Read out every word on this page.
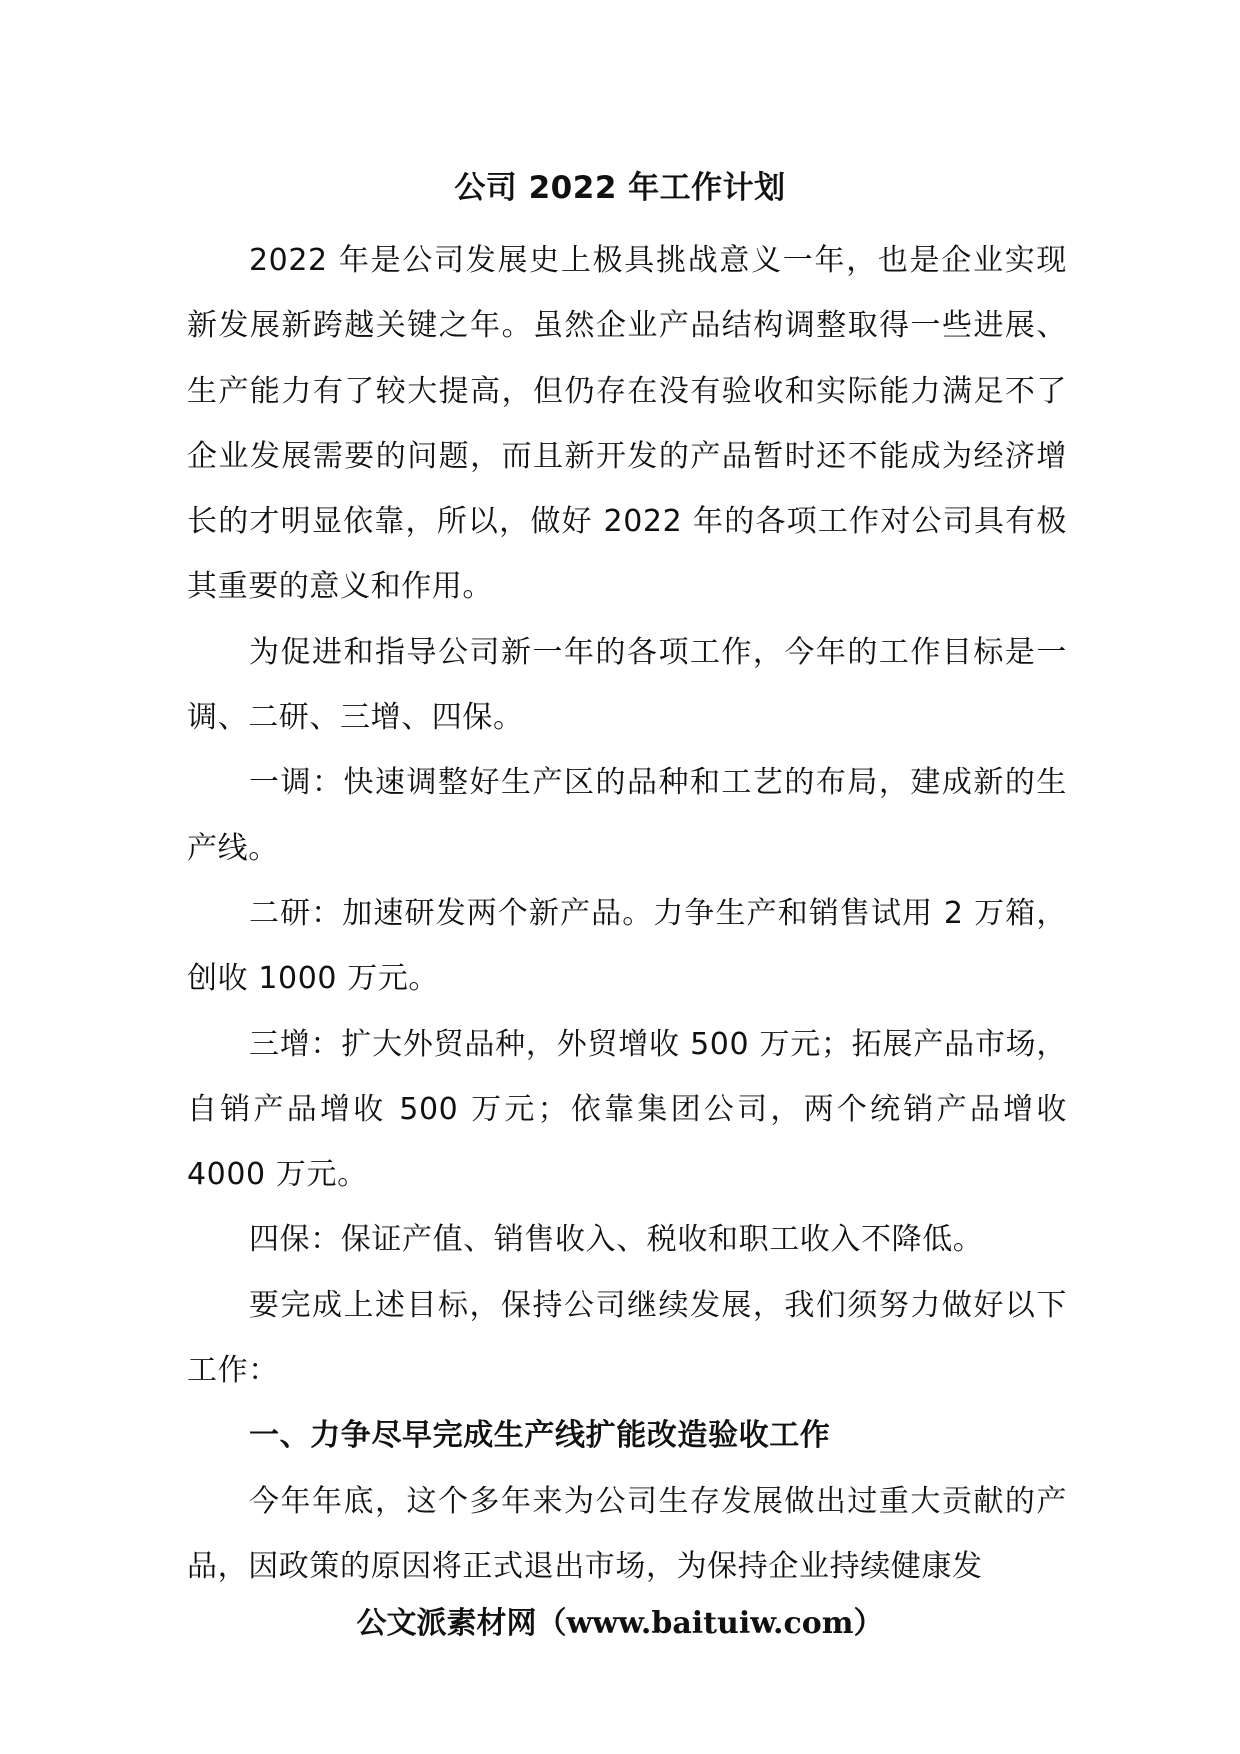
公司 2022 年工作计划

2022 年是公司发展史上极具挑战意义一年，也是企业实现新发展新跨越关键之年。虽然企业产品结构调整取得一些进展、生产能力有了较大提高，但仍存在没有验收和实际能力满足不了企业发展需要的问题，而且新开发的产品暂时还不能成为经济增长的才明显依靠，所以，做好 2022 年的各项工作对公司具有极其重要的意义和作用。

为促进和指导公司新一年的各项工作，今年的工作目标是一调、二研、三增、四保。

一调：快速调整好生产区的品种和工艺的布局，建成新的生产线。

二研：加速研发两个新产品。力争生产和销售试用 2 万箱，创收 1000 万元。

三增：扩大外贸品种，外贸增收 500 万元；拓展产品市场，自销产品增收 500 万元；依靠集团公司，两个统销产品增收 4000 万元。

四保：保证产值、销售收入、税收和职工收入不降低。

要完成上述目标，保持公司继续发展，我们须努力做好以下工作：

一、力争尽早完成生产线扩能改造验收工作

今年年底，这个多年来为公司生存发展做出过重大贡献的产品，因政策的原因将正式退出市场，为保持企业持续健康发

公文派素材网（www.baituiw.com）
